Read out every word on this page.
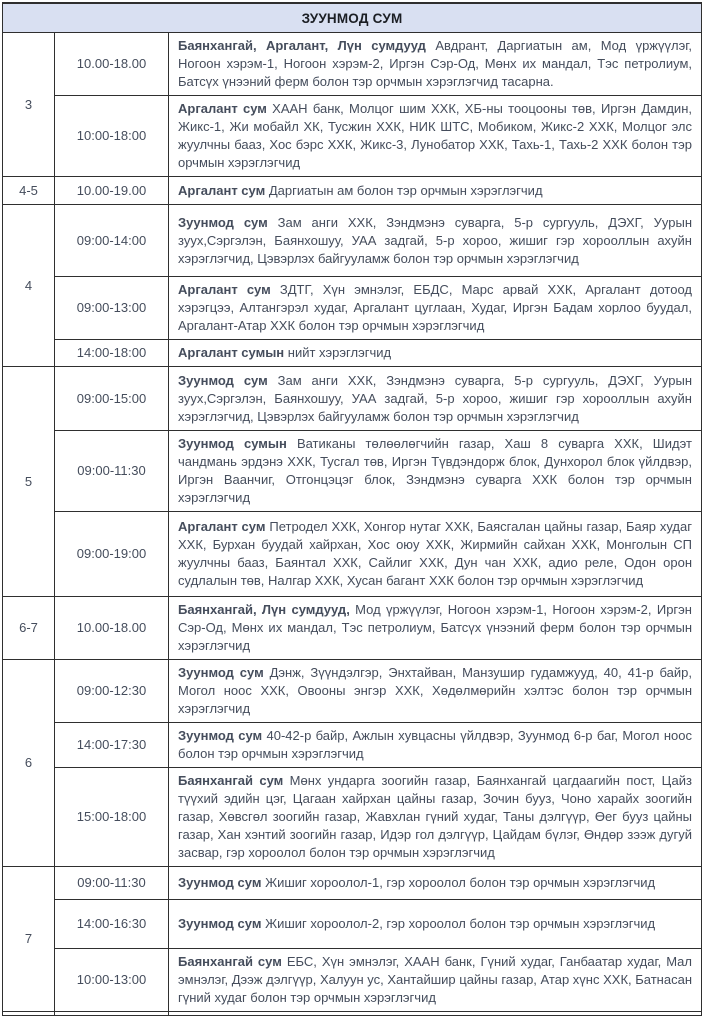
ЗУУНМОД СУМ		
3	10.00-18.00	Баянхангай, Аргалант, Лүн сумдууд Авдрант, Даргиатын ам, Мод үржүүлэг, Ногоон хэрэм-1, Ногоон хэрэм-2, Иргэн Сэр-Од, Мөнх их мандал, Тэс петролиум, Батсүх үнээний ферм болон тэр орчмын хэрэглэгчид тасарна.
	10:00-18:00	Аргалант сум ХААН банк, Молцог шим ХХК, ХБ-ны тооцооны төв, Иргэн Дамдин, Жикс-1, Жи мобайл ХК, Тусжин ХХК, НИК ШТС, Мобиком, Жикс-2 ХХК, Молцог элс жуулчны бааз, Хос бэрс ХХК, Жикс-3, Лунобатор ХХК, Тахь-1, Тахь-2 ХХК болон тэр орчмын хэрэглэгчид
4-5	10.00-19.00	Аргалант сум Даргиатын ам болон тэр орчмын хэрэглэгчид
4	09:00-14:00	Зуунмод сум Зам анги ХХК, Зэндмэнэ суварга, 5-р сургууль, ДЭХГ, Уурын зуух,Сэргэлэн, Баянхошуу, УАА задгай, 5-р хороо, жишиг гэр хорооллын ахуйн хэрэглэгчид, Цэвэрлэх байгууламж болон тэр орчмын хэрэглэгчид
	09:00-13:00	Аргалант сум ЗДТГ, Хүн эмнэлэг, ЕБДС, Марс арвай ХХК, Аргалант дотоод хэрэгцээ, Алтангэрэл худаг, Аргалант цуглаан, Худаг, Иргэн Бадам хорлоо буудал, Аргалант-Атар ХХК болон тэр орчмын хэрэглэгчид
	14:00-18:00	Аргалант сумын нийт хэрэглэгчид
5	09:00-15:00	Зуунмод сум Зам анги ХХК, Зэндмэнэ суварга, 5-р сургууль, ДЭХГ, Уурын зуух,Сэргэлэн, Баянхошуу, УАА задгай, 5-р хороо, жишиг гэр хорооллын ахуйн хэрэглэгчид, Цэвэрлэх байгууламж болон тэр орчмын хэрэглэгчид
	09:00-11:30	Зуунмод сумын Ватиканы төлөөлөгчийн газар, Хаш 8 суварга ХХК, Шидэт чандмань эрдэнэ ХХК, Тусгал төв, Иргэн Түвдэндорж блок, Дунхорол блок үйлдвэр, Иргэн Ваанчиг, Отгонцэцэг блок, Зэндмэнэ суварга ХХК болон тэр орчмын хэрэглэгчид
	09:00-19:00	Аргалант сум Петродел ХХК, Хонгор нутаг ХХК, Баясгалан цайны газар, Баяр худаг ХХК, Бурхан буудай хайрхан, Хос оюу ХХК, Жирмийн сайхан ХХК, Монголын СП жуулчны бааз, Баянтал ХХК, Сайлиг ХХК, Дун чан ХХК, адио реле, Одон орон судлалын төв, Налгар ХХК, Хусан багант ХХК болон тэр орчмын хэрэглэгчид
6-7	10.00-18.00	Баянхангай, Лүн сумдууд, Мод үржүүлэг, Ногоон хэрэм-1, Ногоон хэрэм-2, Иргэн Сэр-Од, Мөнх их мандал, Тэс петролиум, Батсүх үнээний ферм болон тэр орчмын хэрэглэгчид
6	09:00-12:30	Зуунмод сум Дэнж, Зүүндэлгэр, Энхтайван, Манзушир гудамжууд, 40, 41-р байр, Могол ноос ХХК, Овооны энгэр ХХК, Хөдөлмөрийн хэлтэс болон тэр орчмын хэрэглэгчид
	14:00-17:30	Зуунмод сум 40-42-р байр, Ажлын хувцасны үйлдвэр, Зуунмод 6-р баг, Могол ноос болон тэр орчмын хэрэглэгчид
	15:00-18:00	Баянхангай сум Мөнх ундарга зоогийн газар, Баянхангай цагдаагийн пост, Цайз түүхий эдийн цэг, Цагаан хайрхан цайны газар, Зочин бууз, Чоно харайх зоогийн газар, Хөвсгөл зоогийн газар, Жавхлан гүний худаг, Таны дэлгүүр, Өег бууз цайны газар, Хан хэнтий зоогийн газар, Идэр гол дэлгүүр, Цайдам бүлэг, Өндөр зээж дугуй засвар, гэр хороолол болон тэр орчмын хэрэглэгчид
7	09:00-11:30	Зуунмод сум Жишиг хороолол-1, гэр хороолол болон тэр орчмын хэрэглэгчид
	14:00-16:30	Зуунмод сум Жишиг хороолол-2, гэр хороолол болон тэр орчмын хэрэглэгчид
	10:00-13:00	Баянхангай сум ЕБС, Хүн эмнэлэг, ХААН банк, Гүний худаг, Ганбаатар худаг, Мал эмнэлэг, Дээж дэлгүүр, Халуун ус, Хантайшир цайны газар, Атар хүнс ХХК, Батнасан гүний худаг болон тэр орчмын хэрэглэгчид
